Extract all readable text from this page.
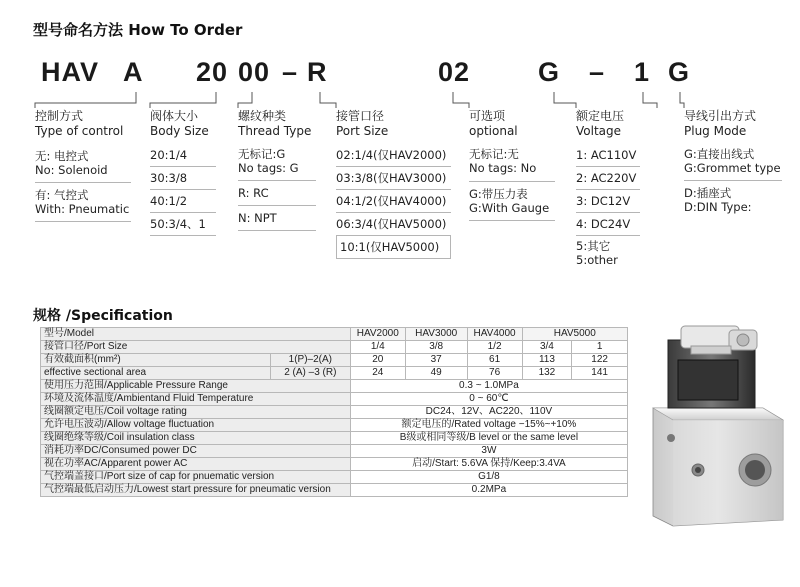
型号命名方法 How To Order
HAV A 20 00 – R	02	G – 1 G
控制方式
Type of control
无: 电控式
No: Solenoid
有: 气控式
With: Pneumatic
阀体大小
Body Size
20:1/4
30:3/8
40:1/2
50:3/4、1
螺纹种类
Thread Type
无标记:G
No tags: G
R: RC
N: NPT
接管口径
Port Size
02:1/4(仅HAV2000)
03:3/8(仅HAV3000)
04:1/2(仅HAV4000)
06:3/4(仅HAV5000)
10:1(仅HAV5000)
可选项
optional
无标记:无
No tags: No
G:带压力表
G:With Gauge
额定电压
Voltage
1: AC110V
2: AC220V
3: DC12V
4: DC24V
5:其它
5:other
导线引出方式
Plug Mode
G:直接出线式
G:Grommet type
D:插座式
D:DIN Type:
规格 /Specification
型号/Model		HAV2000	HAV3000	HAV4000	HAV5000	
接管口径/Port Size		1/4	3/8	1/2	3/4	1
有效截面积(mm²)	1(P)–2(A)	20	37	61	113	122
effective sectional area	2 (A) –3 (R)	24	49	76	132	141
使用压力范围/Applicable Pressure Range		0.3 ~ 1.0MPa				
环境及流体温度/Ambientand Fluid Temperature		0 ~ 60℃				
线圈额定电压/Coil voltage rating		DC24、12V、AC220、110V				
允许电压波动/Allow voltage fluctuation		额定电压的/Rated voltage −15%~+10%				
线圈绝缘等级/Coil insulation class		B级或相同等级/B level or the same level				
消耗功率DC/Consumed power DC		3W				
视在功率AC/Apparent power AC		启动/Start: 5.6VA 保持/Keep:3.4VA				
气控端盖接口/Port size of cap for pnuematic version		G1/8				
气控端最低启动压力/Lowest start pressure for pneumatic version		0.2MPa				
